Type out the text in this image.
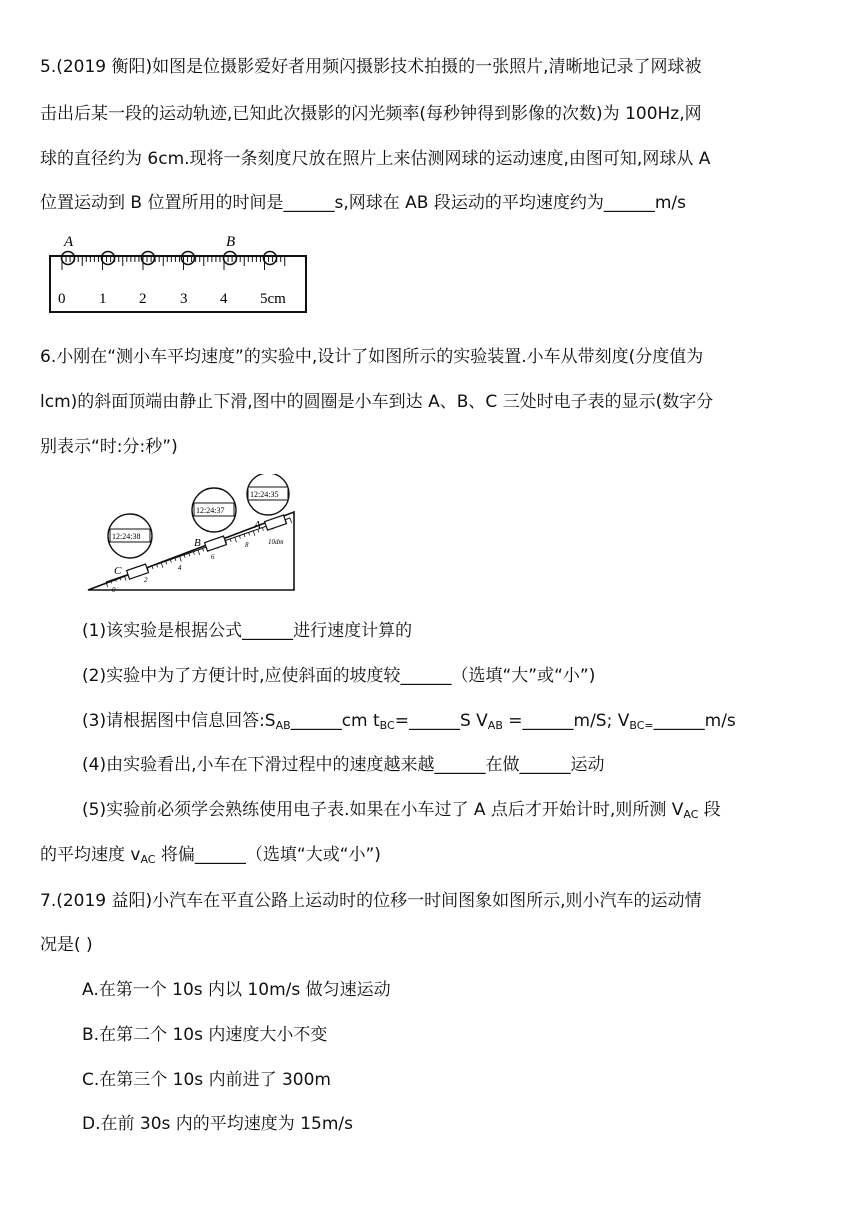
5.(2019 衡阳)如图是位摄影爱好者用频闪摄影技术拍摄的一张照片,清晰地记录了网球被
击出后某一段的运动轨迹,已知此次摄影的闪光频率(每秒钟得到影像的次数)为 100Hz,网
球的直径约为 6cm.现将一条刻度尺放在照片上来估测网球的运动速度,由图可知,网球从 A
位置运动到 B 位置所用的时间是______s,网球在 AB 段运动的平均速度约为______m/s
A	B
0 1 2 3 4 5cm
6.小刚在“测小车平均速度”的实验中,设计了如图所示的实验装置.小车从带刻度(分度值为
lcm)的斜面顶端由静止下滑,图中的圆圈是小车到达 A、B、C 三处时电子表的显示(数字分
别表示“时:分:秒”)
0
2
4
6
8	10dm
12:24:38
12:24:37
12:24:35
C
B
A
(1)该实验是根据公式______进行速度计算的
(2)实验中为了方便计时,应使斜面的坡度较______（选填“大”或“小”)
(3)请根据图中信息回答$:S_{AB}\_\_\_\_\_\_cm$ $t_{BC}=\_\_\_\_\_\_S$ $V_{AB}$ =______m/S; $V_{BC=}\_\_\_\_\_\_m/s$
(4)由实验看出,小车在下滑过程中的速度越来越______在做______运动
(5)实验前必须学会熟练使用电子表.如果在小车过了 A 点后才开始计时,则所测 $V_{AC}$ 段
的平均速度 $v_{AC}$ 将偏______（选填“大或“小”)
7.(2019 益阳)小汽车在平直公路上运动时的位移一时间图象如图所示,则小汽车的运动情
况是( )
A.在第一个 10s 内以 10m/s 做匀速运动
B.在第二个 10s 内速度大小不变
C.在第三个 10s 内前进了 300m
D.在前 30s 内的平均速度为 15m/s
